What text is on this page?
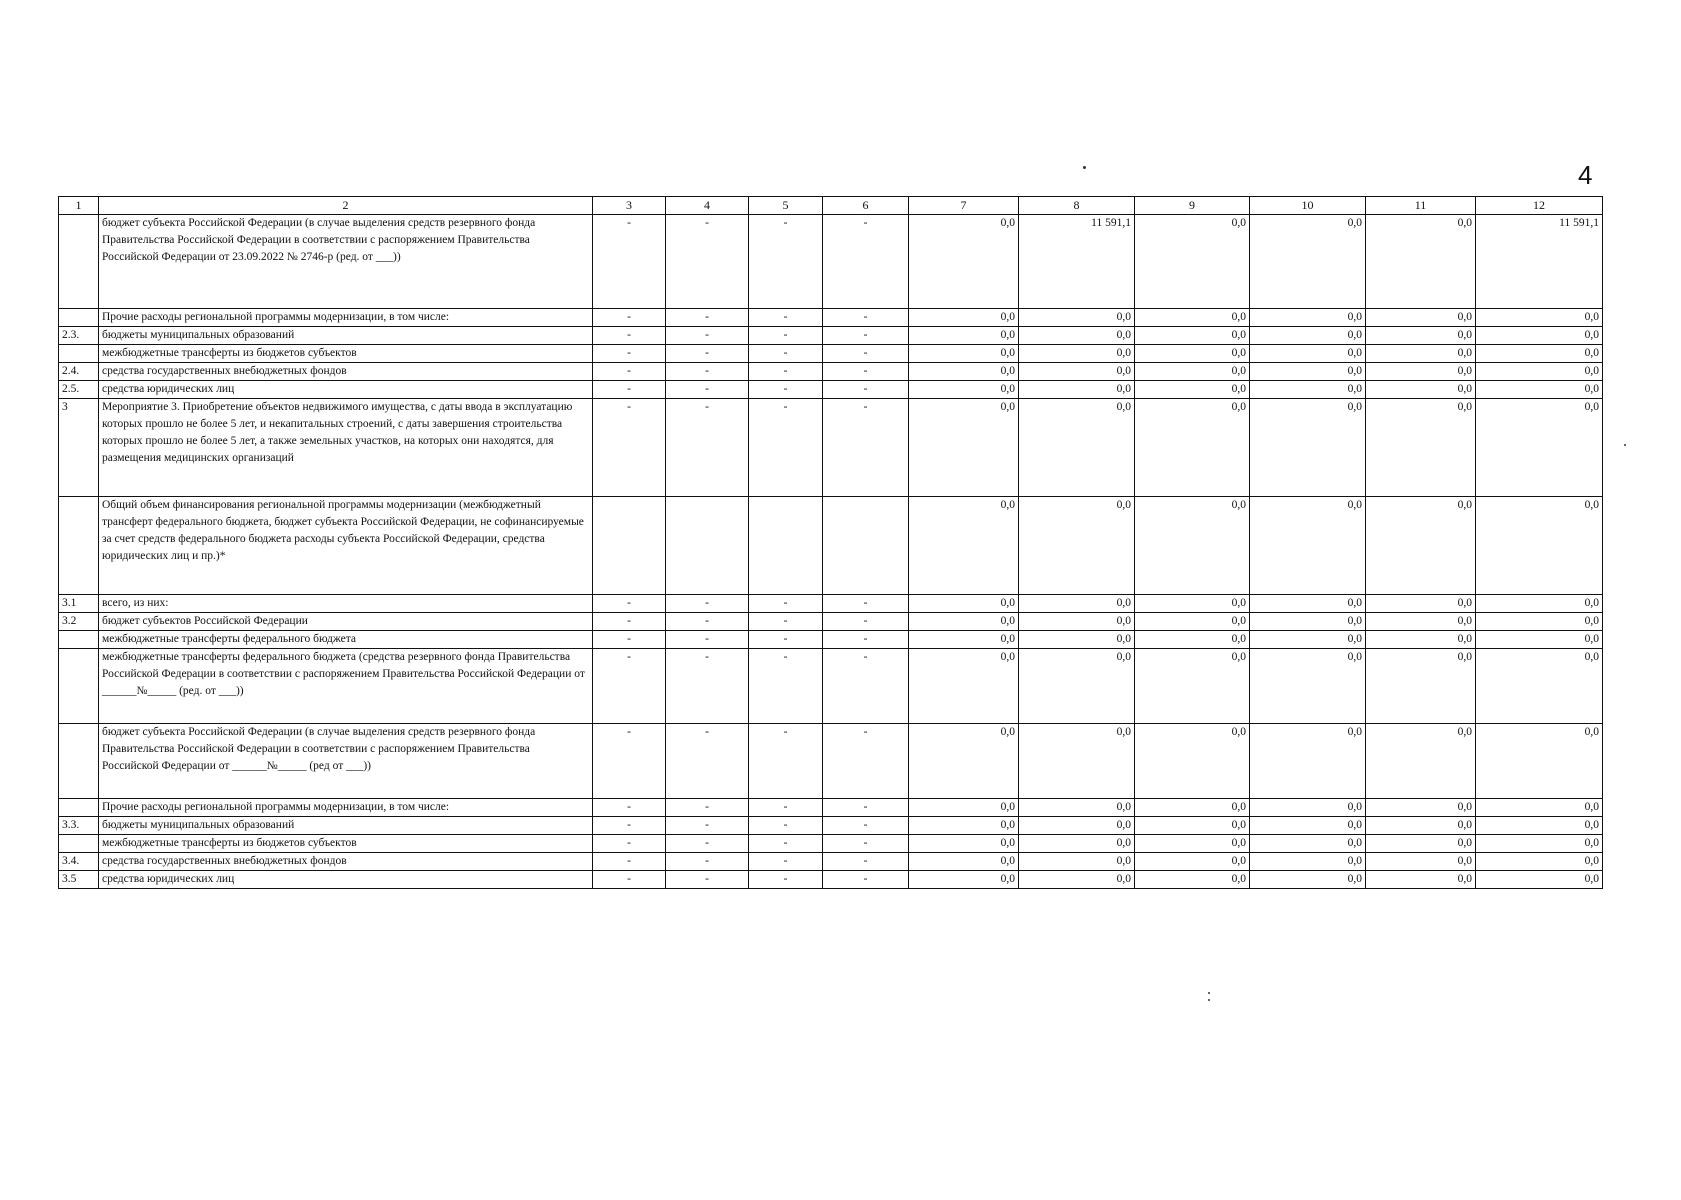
4
1	2	3	4	5	6	7	8	9	10	11	12
	бюджет субъекта Российской Федерации (в случае выделения средств резервного фонда Правительства Российской Федерации в соответствии с распоряжением Правительства Российской Федерации от 23.09.2022 № 2746-р (ред. от ___))	-	-	-	-	0,0	11 591,1	0,0	0,0	0,0	11 591,1
	Прочие расходы региональной программы модернизации, в том числе:	-	-	-	-	0,0	0,0	0,0	0,0	0,0	0,0
2.3.	бюджеты муниципальных образований	-	-	-	-	0,0	0,0	0,0	0,0	0,0	0,0
	межбюджетные трансферты из бюджетов субъектов	-	-	-	-	0,0	0,0	0,0	0,0	0,0	0,0
2.4.	средства государственных внебюджетных фондов	-	-	-	-	0,0	0,0	0,0	0,0	0,0	0,0
2.5.	средства юридических лиц	-	-	-	-	0,0	0,0	0,0	0,0	0,0	0,0
3	Мероприятие 3. Приобретение объектов недвижимого имущества, с даты ввода в эксплуатацию которых прошло не более 5 лет, и некапитальных строений, с даты завершения строительства которых прошло не более 5 лет, а также земельных участков, на которых они находятся, для размещения медицинских организаций	-	-	-	-	0,0	0,0	0,0	0,0	0,0	0,0
	Общий объем финансирования региональной программы модернизации (межбюджетный трансферт федерального бюджета, бюджет субъекта Российской Федерации, не софинансируемые за счет средств федерального бюджета расходы субъекта Российской Федерации, средства юридических лиц и пр.)*					0,0	0,0	0,0	0,0	0,0	0,0
3.1	всего, из них:	-	-	-	-	0,0	0,0	0,0	0,0	0,0	0,0
3.2	бюджет субъектов Российской Федерации	-	-	-	-	0,0	0,0	0,0	0,0	0,0	0,0
	межбюджетные трансферты федерального бюджета	-	-	-	-	0,0	0,0	0,0	0,0	0,0	0,0
	межбюджетные трансферты федерального бюджета (средства резервного фонда Правительства Российской Федерации в соответствии с распоряжением Правительства Российской Федерации от ______№_____ (ред. от ___))	-	-	-	-	0,0	0,0	0,0	0,0	0,0	0,0
	бюджет субъекта Российской Федерации (в случае выделения средств резервного фонда Правительства Российской Федерации в соответствии с распоряжением Правительства Российской Федерации от ______№_____ (ред от ___))	-	-	-	-	0,0	0,0	0,0	0,0	0,0	0,0
	Прочие расходы региональной программы модернизации, в том числе:	-	-	-	-	0,0	0,0	0,0	0,0	0,0	0,0
3.3.	бюджеты муниципальных образований	-	-	-	-	0,0	0,0	0,0	0,0	0,0	0,0
	межбюджетные трансферты из бюджетов субъектов	-	-	-	-	0,0	0,0	0,0	0,0	0,0	0,0
3.4.	средства государственных внебюджетных фондов	-	-	-	-	0,0	0,0	0,0	0,0	0,0	0,0
3.5	средства юридических лиц	-	-	-	-	0,0	0,0	0,0	0,0	0,0	0,0
